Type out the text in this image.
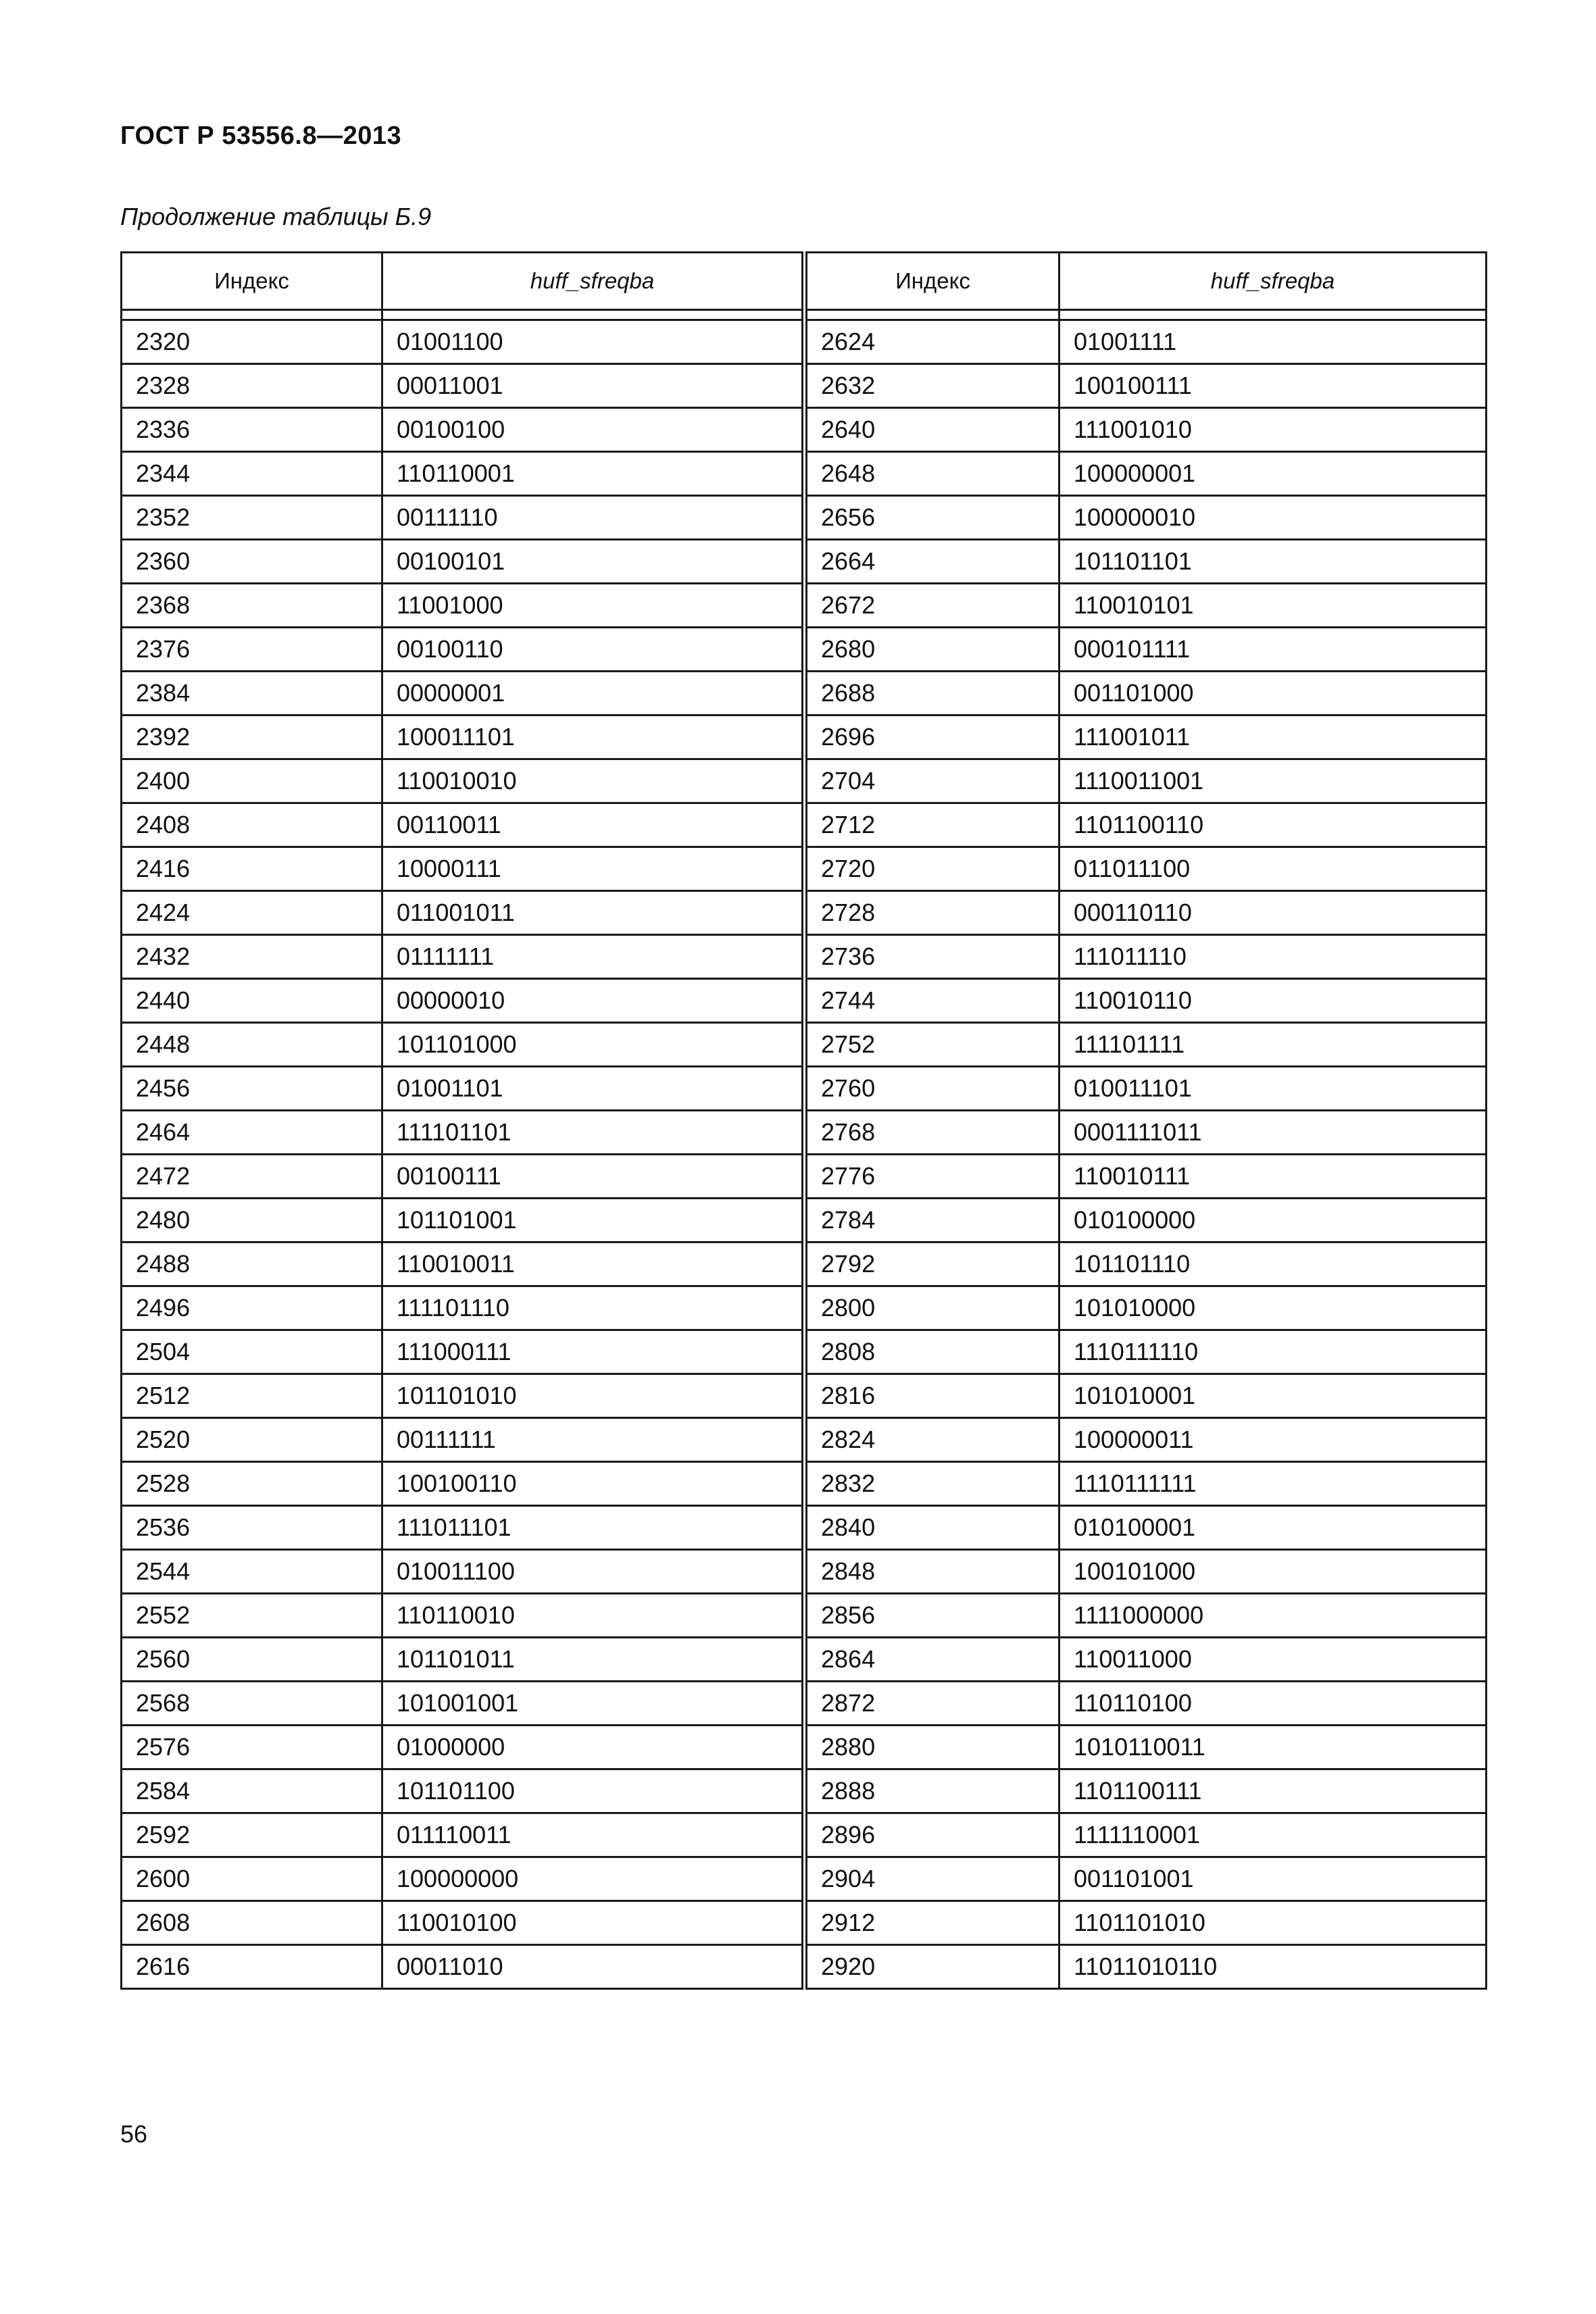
ГОСТ Р 53556.8—2013
Продолжение таблицы Б.9
Индекс	huff_sfreqba	Индекс	huff_sfreqba

2320	01001100	2624	01001111
2328	00011001	2632	100100111
2336	00100100	2640	111001010
2344	110110001	2648	100000001
2352	00111110	2656	100000010
2360	00100101	2664	101101101
2368	11001000	2672	110010101
2376	00100110	2680	000101111
2384	00000001	2688	001101000
2392	100011101	2696	111001011
2400	110010010	2704	1110011001
2408	00110011	2712	1101100110
2416	10000111	2720	011011100
2424	011001011	2728	000110110
2432	01111111	2736	111011110
2440	00000010	2744	110010110
2448	101101000	2752	111101111
2456	01001101	2760	010011101
2464	111101101	2768	0001111011
2472	00100111	2776	110010111
2480	101101001	2784	010100000
2488	110010011	2792	101101110
2496	111101110	2800	101010000
2504	111000111	2808	1110111110
2512	101101010	2816	101010001
2520	00111111	2824	100000011
2528	100100110	2832	1110111111
2536	111011101	2840	010100001
2544	010011100	2848	100101000
2552	110110010	2856	1111000000
2560	101101011	2864	110011000
2568	101001001	2872	110110100
2576	01000000	2880	1010110011
2584	101101100	2888	1101100111
2592	011110011	2896	1111110001
2600	100000000	2904	001101001
2608	110010100	2912	1101101010
2616	00011010	2920	11011010110
56
